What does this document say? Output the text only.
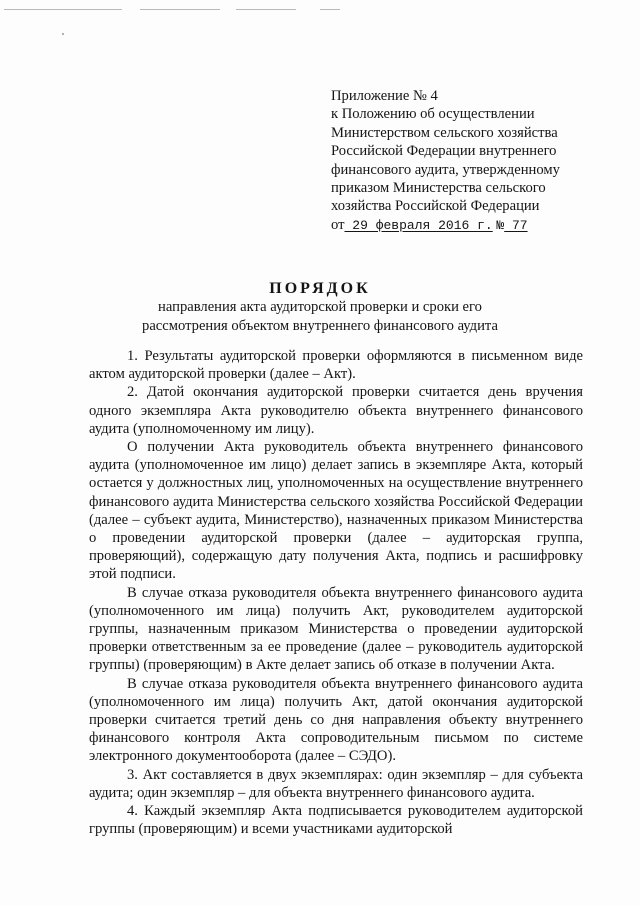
Приложение № 4
к Положению об осуществлении
Министерством сельского хозяйства
Российской Федерации внутреннего
финансового аудита, утвержденному
приказом Министерства сельского
хозяйства Российской Федерации
от 29 февраля 2016 г. № 77
ПОРЯДОК
направления акта аудиторской проверки и сроки его
рассмотрения объектом внутреннего финансового аудита

1. Результаты аудиторской проверки оформляются в письменном виде актом аудиторской проверки (далее – Акт).

2. Датой окончания аудиторской проверки считается день вручения одного экземпляра Акта руководителю объекта внутреннего финансового аудита (уполномоченному им лицу).

О получении Акта руководитель объекта внутреннего финансового аудита (уполномоченное им лицо) делает запись в экземпляре Акта, который остается у должностных лиц, уполномоченных на осуществление внутреннего финансового аудита Министерства сельского хозяйства Российской Федерации (далее – субъект аудита, Министерство), назначенных приказом Министерства о проведении аудиторской проверки (далее – аудиторская группа, проверяющий), содержащую дату получения Акта, подпись и расшифровку этой подписи.

В случае отказа руководителя объекта внутреннего финансового аудита (уполномоченного им лица) получить Акт, руководителем аудиторской группы, назначенным приказом Министерства о проведении аудиторской проверки ответственным за ее проведение (далее – руководитель аудиторской группы) (проверяющим) в Акте делает запись об отказе в получении Акта.

В случае отказа руководителя объекта внутреннего финансового аудита (уполномоченного им лица) получить Акт, датой окончания аудиторской проверки считается третий день со дня направления объекту внутреннего финансового контроля Акта сопроводительным письмом по системе электронного документооборота (далее – СЭДО).

3. Акт составляется в двух экземплярах: один экземпляр – для субъекта аудита; один экземпляр – для объекта внутреннего финансового аудита.

4. Каждый экземпляр Акта подписывается руководителем аудиторской группы (проверяющим) и всеми участниками аудиторской
